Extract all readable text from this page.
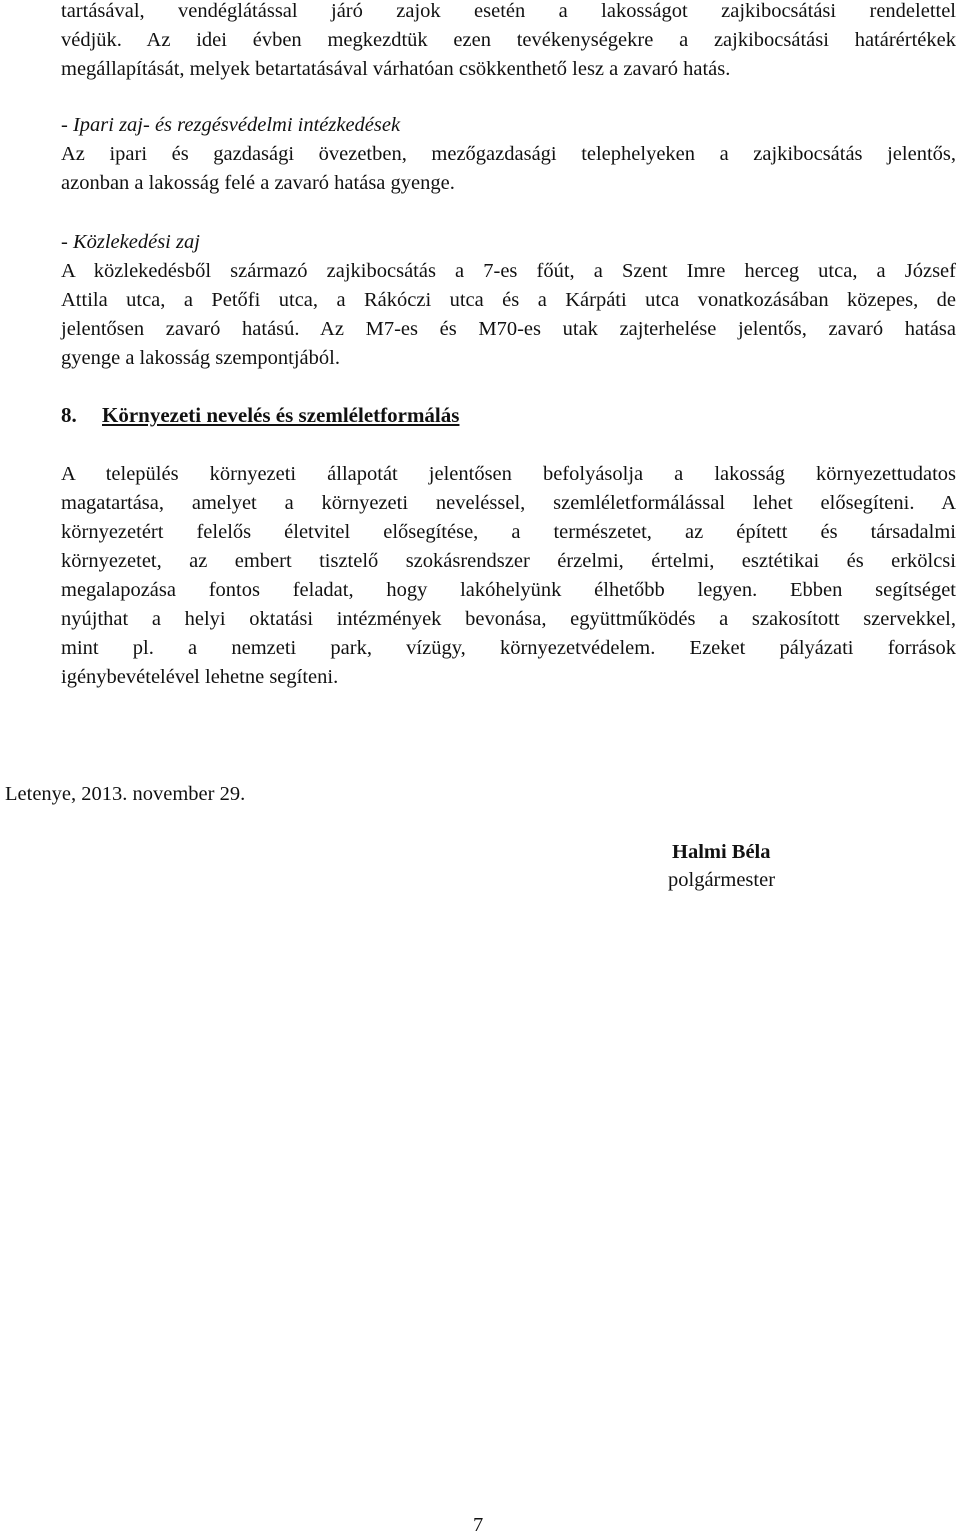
tartásával, vendéglátással járó zajok esetén a lakosságot zajkibocsátási rendelettel
védjük. Az idei évben megkezdtük ezen tevékenységekre a zajkibocsátási határértékek
megállapítását, melyek betartatásával várhatóan csökkenthető lesz a zavaró hatás.
- Ipari zaj- és rezgésvédelmi intézkedések
Az ipari és gazdasági övezetben, mezőgazdasági telephelyeken a zajkibocsátás jelentős,
azonban a lakosság felé a zavaró hatása gyenge.
- Közlekedési zaj
A közlekedésből származó zajkibocsátás a 7-es főút, a Szent Imre herceg utca, a József
Attila utca, a Petőfi utca, a Rákóczi utca és a Kárpáti utca vonatkozásában közepes, de
jelentősen zavaró hatású. Az M7-es és M70-es utak zajterhelése jelentős, zavaró hatása
gyenge a lakosság szempontjából.
8. Környezeti nevelés és szemléletformálás
A település környezeti állapotát jelentősen befolyásolja a lakosság környezettudatos
magatartása, amelyet a környezeti neveléssel, szemléletformálással lehet elősegíteni. A
környezetért felelős életvitel elősegítése, a természetet, az épített és társadalmi
környezetet, az embert tisztelő szokásrendszer érzelmi, értelmi, esztétikai és erkölcsi
megalapozása fontos feladat, hogy lakóhelyünk élhetőbb legyen. Ebben segítséget
nyújthat a helyi oktatási intézmények bevonása, együttműködés a szakosított szervekkel,
mint pl. a nemzeti park, vízügy, környezetvédelem. Ezeket pályázati források
igénybevételével lehetne segíteni.
Letenye, 2013. november 29.
Halmi Béla
polgármester
7
